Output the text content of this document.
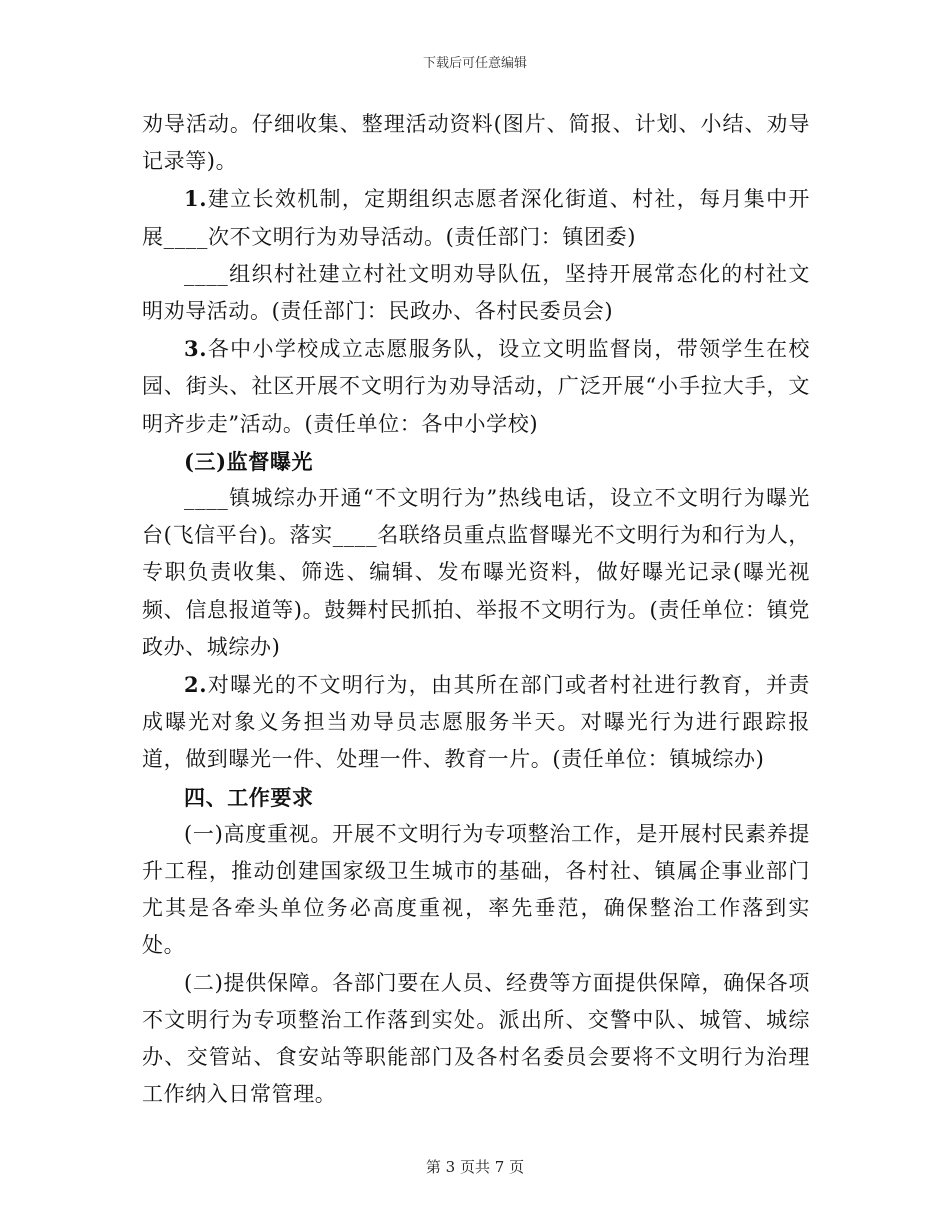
下载后可任意编辑

劝导活动。仔细收集、整理活动资料(图片、简报、计划、小结、劝导记录等)。

1.建立长效机制，定期组织志愿者深化街道、村社，每月集中开展____次不文明行为劝导活动。(责任部门：镇团委)

____组织村社建立村社文明劝导队伍，坚持开展常态化的村社文明劝导活动。(责任部门：民政办、各村民委员会)

3.各中小学校成立志愿服务队，设立文明监督岗，带领学生在校园、街头、社区开展不文明行为劝导活动，广泛开展“小手拉大手，文明齐步走”活动。(责任单位：各中小学校)

(三)监督曝光

____镇城综办开通“不文明行为”热线电话，设立不文明行为曝光台(飞信平台)。落实____名联络员重点监督曝光不文明行为和行为人，专职负责收集、筛选、编辑、发布曝光资料，做好曝光记录(曝光视频、信息报道等)。鼓舞村民抓拍、举报不文明行为。(责任单位：镇党政办、城综办)

2.对曝光的不文明行为，由其所在部门或者村社进行教育，并责成曝光对象义务担当劝导员志愿服务半天。对曝光行为进行跟踪报道，做到曝光一件、处理一件、教育一片。(责任单位：镇城综办)

四、工作要求

(一)高度重视。开展不文明行为专项整治工作，是开展村民素养提升工程，推动创建国家级卫生城市的基础，各村社、镇属企事业部门尤其是各牵头单位务必高度重视，率先垂范，确保整治工作落到实处。

(二)提供保障。各部门要在人员、经费等方面提供保障，确保各项不文明行为专项整治工作落到实处。派出所、交警中队、城管、城综办、交管站、食安站等职能部门及各村名委员会要将不文明行为治理工作纳入日常管理。

第 3 页共 7 页
